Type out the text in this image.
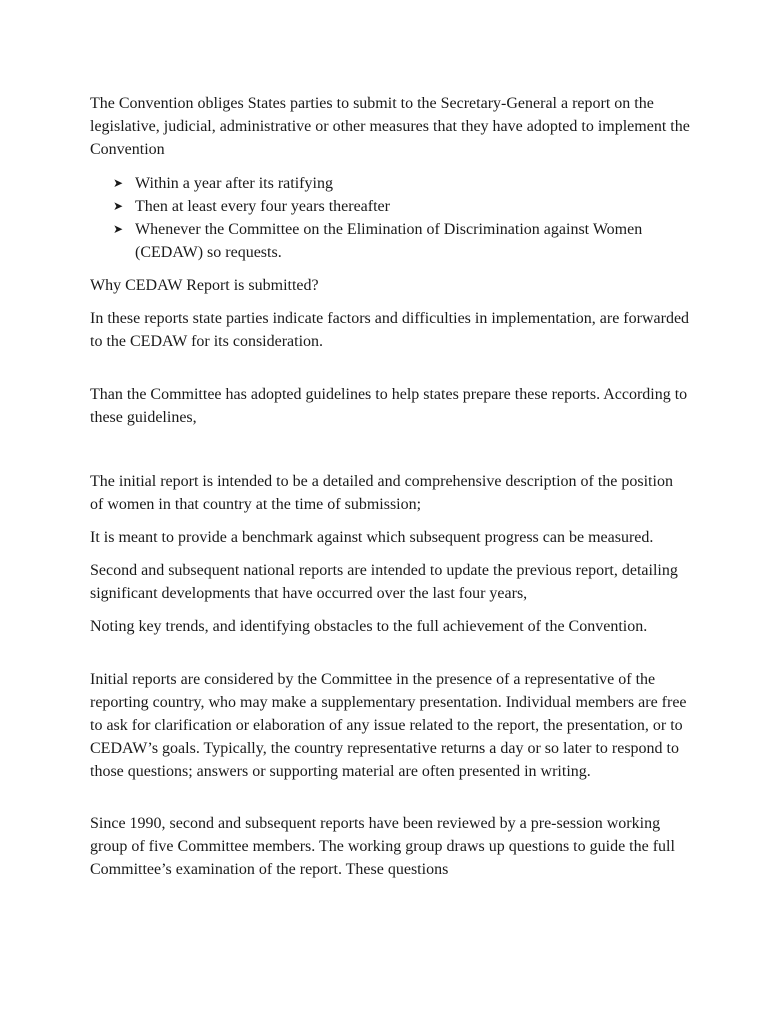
The Convention obliges States parties to submit to the Secretary-General a report on the legislative, judicial, administrative or other measures that they have adopted to implement the Convention

➤ Within a year after its ratifying
➤ Then at least every four years thereafter
➤ Whenever the Committee on the Elimination of Discrimination against Women (CEDAW) so requests.

Why CEDAW Report is submitted?

In these reports state parties indicate factors and difficulties in implementation, are forwarded to the CEDAW for its consideration.

Than the Committee has adopted guidelines to help states prepare these reports. According to these guidelines,

The initial report is intended to be a detailed and comprehensive description of the position of women in that country at the time of submission;

It is meant to provide a benchmark against which subsequent progress can be measured.

Second and subsequent national reports are intended to update the previous report, detailing significant developments that have occurred over the last four years,

Noting key trends, and identifying obstacles to the full achievement of the Convention.

Initial reports are considered by the Committee in the presence of a representative of the reporting country, who may make a supplementary presentation. Individual members are free to ask for clarification or elaboration of any issue related to the report, the presentation, or to CEDAW’s goals. Typically, the country representative returns a day or so later to respond to those questions; answers or supporting material are often presented in writing.

Since 1990, second and subsequent reports have been reviewed by a pre-session working group of five Committee members. The working group draws up questions to guide the full Committee’s examination of the report. These questions
